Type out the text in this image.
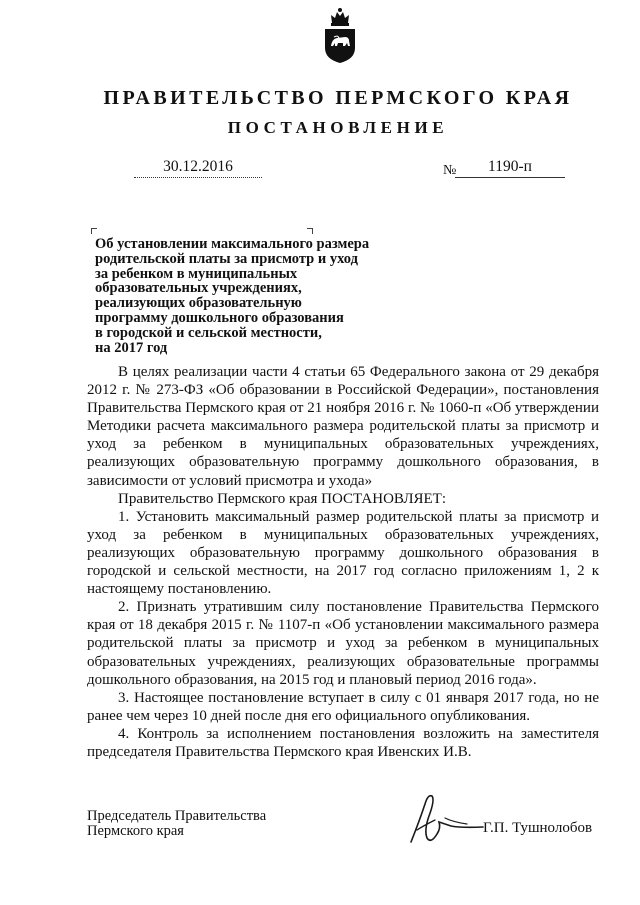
ПРАВИТЕЛЬСТВО ПЕРМСКОГО КРАЯ
ПОСТАНОВЛЕНИЕ
30.12.2016	№	1190-п
Об установлении максимального размера
родительской платы за присмотр и уход
за ребенком в муниципальных
образовательных учреждениях,
реализующих образовательную
программу дошкольного образования
в городской и сельской местности,
на 2017 год

В целях реализации части 4 статьи 65 Федерального закона от 29 декабря 2012 г. № 273-ФЗ «Об образовании в Российской Федерации», постановления Правительства Пермского края от 21 ноября 2016 г. № 1060-п «Об утверждении Методики расчета максимального размера родительской платы за присмотр и уход за ребенком в муниципальных образовательных учреждениях, реализующих образовательную программу дошкольного образования, в зависимости от условий присмотра и ухода»

Правительство Пермского края ПОСТАНОВЛЯЕТ:

1. Установить максимальный размер родительской платы за присмотр и уход за ребенком в муниципальных образовательных учреждениях, реализующих образовательную программу дошкольного образования в городской и сельской местности, на 2017 год согласно приложениям 1, 2 к настоящему постановлению.

2. Признать утратившим силу постановление Правительства Пермского края от 18 декабря 2015 г. № 1107-п «Об установлении максимального размера родительской платы за присмотр и уход за ребенком в муниципальных образовательных учреждениях, реализующих образовательные программы дошкольного образования, на 2015 год и плановый период 2016 года».

3. Настоящее постановление вступает в силу с 01 января 2017 года, но не ранее чем через 10 дней после дня его официального опубликования.

4. Контроль за исполнением постановления возложить на заместителя председателя Правительства Пермского края Ивенских И.В.

Председатель Правительства
Пермского края	Г.П. Тушнолобов
